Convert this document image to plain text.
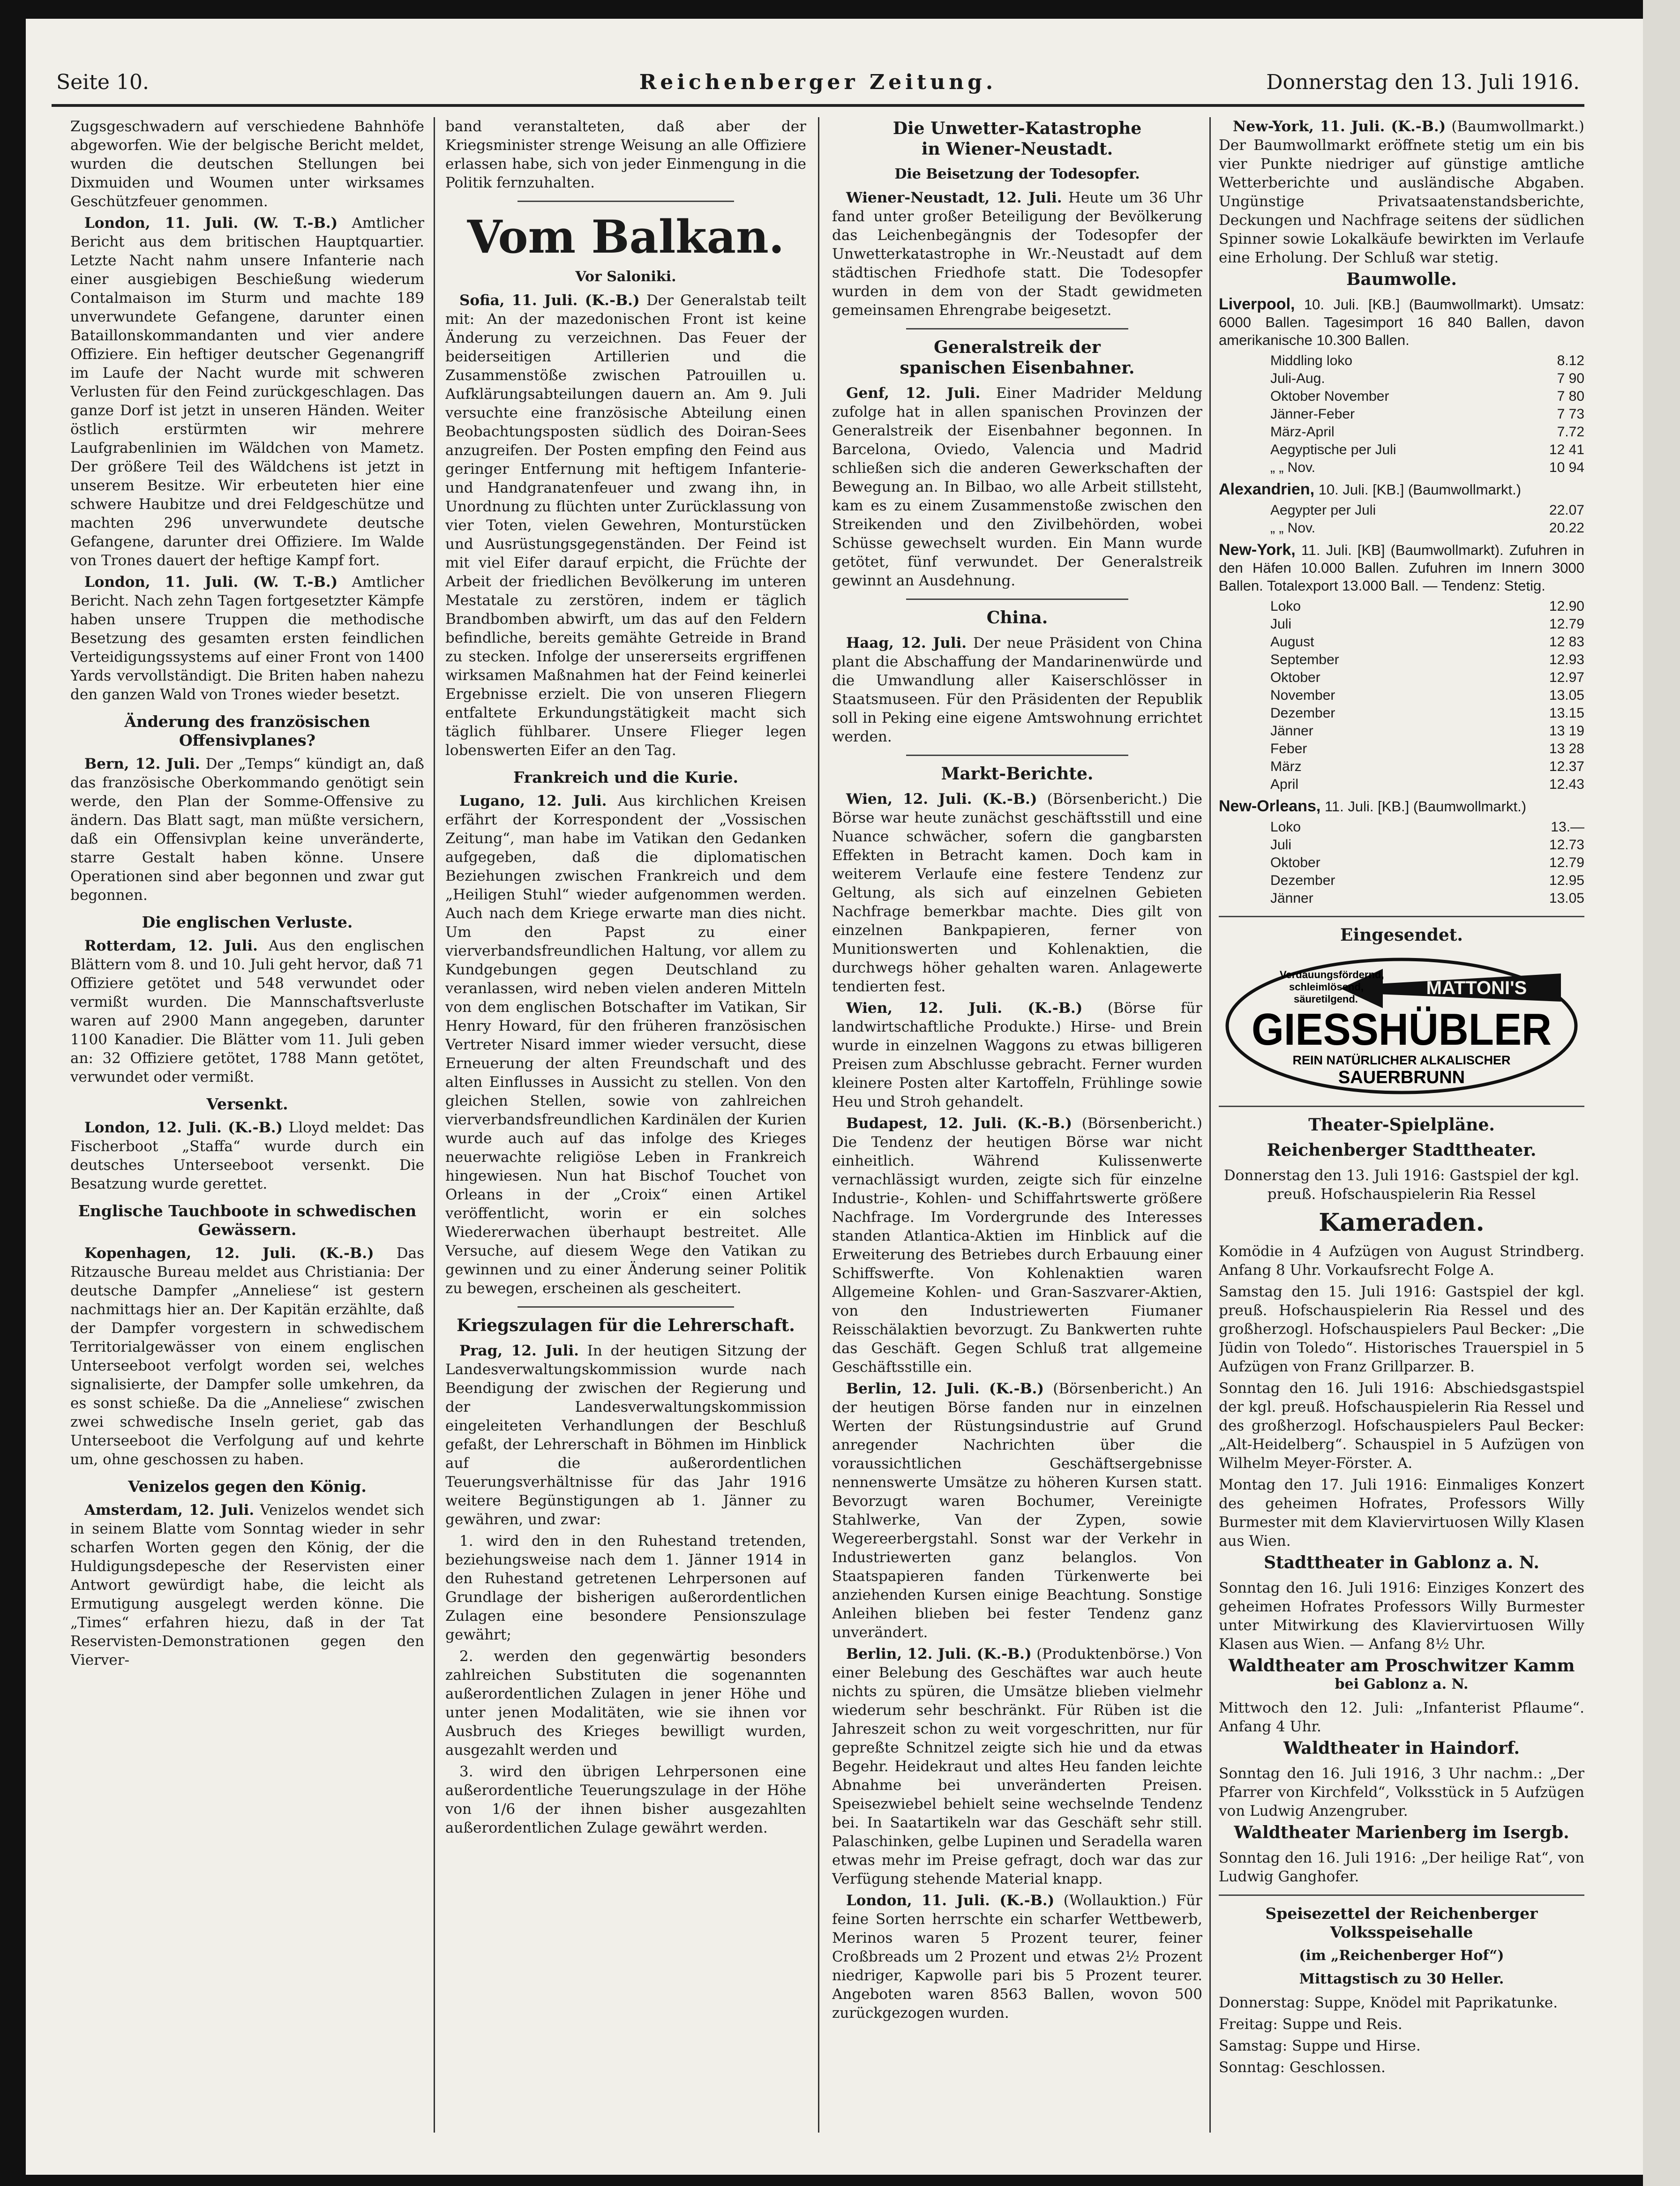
Seite 10.	Reichenberger Zeitung.	Donnerstag den 13. Juli 1916.

Zugsgeschwadern auf verschiedene Bahnhöfe abgeworfen. Wie der belgische Bericht meldet, wurden die deutschen Stellungen bei Dixmuiden und Woumen unter wirksames Geschützfeuer genommen.

London, 11. Juli. (W. T.-B.) Amtlicher Bericht aus dem britischen Hauptquartier. Letzte Nacht nahm unsere Infanterie nach einer ausgiebigen Beschießung wiederum Contalmaison im Sturm und machte 189 unverwundete Gefangene, darunter einen Bataillonskommandanten und vier andere Offiziere. Ein heftiger deutscher Gegenangriff im Laufe der Nacht wurde mit schweren Verlusten für den Feind zurückgeschlagen. Das ganze Dorf ist jetzt in unseren Händen. Weiter östlich erstürmten wir mehrere Laufgrabenlinien im Wäldchen von Mametz. Der größere Teil des Wäldchens ist jetzt in unserem Besitze. Wir erbeuteten hier eine schwere Haubitze und drei Feldgeschütze und machten 296 unverwundete deutsche Gefangene, darunter drei Offiziere. Im Walde von Trones dauert der heftige Kampf fort.

London, 11. Juli. (W. T.-B.) Amtlicher Bericht. Nach zehn Tagen fortgesetzter Kämpfe haben unsere Truppen die methodische Besetzung des gesamten ersten feindlichen Verteidigungssystems auf einer Front von 1400 Yards vervollständigt. Die Briten haben nahezu den ganzen Wald von Trones wieder besetzt.

Änderung des französischen Offensivplanes?

Bern, 12. Juli. Der „Temps“ kündigt an, daß das französische Oberkommando genötigt sein werde, den Plan der Somme-Offensive zu ändern. Das Blatt sagt, man müßte versichern, daß ein Offensivplan keine unveränderte, starre Gestalt haben könne. Unsere Operationen sind aber begonnen und zwar gut begonnen.

Die englischen Verluste.

Rotterdam, 12. Juli. Aus den englischen Blättern vom 8. und 10. Juli geht hervor, daß 71 Offiziere getötet und 548 verwundet oder vermißt wurden. Die Mannschaftsverluste waren auf 2900 Mann angegeben, darunter 1100 Kanadier. Die Blätter vom 11. Juli geben an: 32 Offiziere getötet, 1788 Mann getötet, verwundet oder vermißt.

Versenkt.

London, 12. Juli. (K.-B.) Lloyd meldet: Das Fischerboot „Staffa“ wurde durch ein deutsches Unterseeboot versenkt. Die Besatzung wurde gerettet.

Englische Tauchboote in schwedischen Gewässern.

Kopenhagen, 12. Juli. (K.-B.) Das Ritzausche Bureau meldet aus Christiania: Der deutsche Dampfer „Anneliese“ ist gestern nachmittags hier an. Der Kapitän erzählte, daß der Dampfer vorgestern in schwedischem Territorialgewässer von einem englischen Unterseeboot verfolgt worden sei, welches signalisierte, der Dampfer solle umkehren, da es sonst schieße. Da die „Anneliese“ zwischen zwei schwedische Inseln geriet, gab das Unterseeboot die Verfolgung auf und kehrte um, ohne geschossen zu haben.

Venizelos gegen den König.

Amsterdam, 12. Juli. Venizelos wendet sich in seinem Blatte vom Sonntag wieder in sehr scharfen Worten gegen den König, der die Huldigungsdepesche der Reservisten einer Antwort gewürdigt habe, die leicht als Ermutigung ausgelegt werden könne. Die „Times“ erfahren hiezu, daß in der Tat Reservisten-Demonstrationen gegen den Vierver-

band veranstalteten, daß aber der Kriegsminister strenge Weisung an alle Offiziere erlassen habe, sich von jeder Einmengung in die Politik fernzuhalten.

Vom Balkan.
Vor Saloniki.

Sofia, 11. Juli. (K.-B.) Der Generalstab teilt mit: An der mazedonischen Front ist keine Änderung zu verzeichnen. Das Feuer der beiderseitigen Artillerien und die Zusammenstöße zwischen Patrouillen u. Aufklärungsabteilungen dauern an. Am 9. Juli versuchte eine französische Abteilung einen Beobachtungsposten südlich des Doiran-Sees anzugreifen. Der Posten empfing den Feind aus geringer Entfernung mit heftigem Infanterie- und Handgranatenfeuer und zwang ihn, in Unordnung zu flüchten unter Zurücklassung von vier Toten, vielen Gewehren, Monturstücken und Ausrüstungsgegenständen. Der Feind ist mit viel Eifer darauf erpicht, die Früchte der Arbeit der friedlichen Bevölkerung im unteren Mestatale zu zerstören, indem er täglich Brandbomben abwirft, um das auf den Feldern befindliche, bereits gemähte Getreide in Brand zu stecken. Infolge der unsererseits ergriffenen wirksamen Maßnahmen hat der Feind keinerlei Ergebnisse erzielt. Die von unseren Fliegern entfaltete Erkundungstätigkeit macht sich täglich fühlbarer. Unsere Flieger legen lobenswerten Eifer an den Tag.

Frankreich und die Kurie.

Lugano, 12. Juli. Aus kirchlichen Kreisen erfährt der Korrespondent der „Vossischen Zeitung“, man habe im Vatikan den Gedanken aufgegeben, daß die diplomatischen Beziehungen zwischen Frankreich und dem „Heiligen Stuhl“ wieder aufgenommen werden. Auch nach dem Kriege erwarte man dies nicht. Um den Papst zu einer vierverbandsfreundlichen Haltung, vor allem zu Kundgebungen gegen Deutschland zu veranlassen, wird neben vielen anderen Mitteln von dem englischen Botschafter im Vatikan, Sir Henry Howard, für den früheren französischen Vertreter Nisard immer wieder versucht, diese Erneuerung der alten Freundschaft und des alten Einflusses in Aussicht zu stellen. Von den gleichen Stellen, sowie von zahlreichen vierverbandsfreundlichen Kardinälen der Kurien wurde auch auf das infolge des Krieges neuerwachte religiöse Leben in Frankreich hingewiesen. Nun hat Bischof Touchet von Orleans in der „Croix“ einen Artikel veröffentlicht, worin er ein solches Wiedererwachen überhaupt bestreitet. Alle Versuche, auf diesem Wege den Vatikan zu gewinnen und zu einer Änderung seiner Politik zu bewegen, erscheinen als gescheitert.

Kriegszulagen für die Lehrerschaft.

Prag, 12. Juli. In der heutigen Sitzung der Landesverwaltungskommission wurde nach Beendigung der zwischen der Regierung und der Landesverwaltungskommission eingeleiteten Verhandlungen der Beschluß gefaßt, der Lehrerschaft in Böhmen im Hinblick auf die außerordentlichen Teuerungsverhältnisse für das Jahr 1916 weitere Begünstigungen ab 1. Jänner zu gewähren, und zwar:

1. wird den in den Ruhestand tretenden, beziehungsweise nach dem 1. Jänner 1914 in den Ruhestand getretenen Lehrpersonen auf Grundlage der bisherigen außerordentlichen Zulagen eine besondere Pensionszulage gewährt;

2. werden den gegenwärtig besonders zahlreichen Substituten die sogenannten außerordentlichen Zulagen in jener Höhe und unter jenen Modalitäten, wie sie ihnen vor Ausbruch des Krieges bewilligt wurden, ausgezahlt werden und

3. wird den übrigen Lehrpersonen eine außerordentliche Teuerungszulage in der Höhe von 1/6 der ihnen bisher ausgezahlten außerordentlichen Zulage gewährt werden.

Die Unwetter-Katastrophe
in Wiener-Neustadt.
Die Beisetzung der Todesopfer.

Wiener-Neustadt, 12. Juli. Heute um 36 Uhr fand unter großer Beteiligung der Bevölkerung das Leichenbegängnis der Todesopfer der Unwetterkatastrophe in Wr.-Neustadt auf dem städtischen Friedhofe statt. Die Todesopfer wurden in dem von der Stadt gewidmeten gemeinsamen Ehrengrabe beigesetzt.

Generalstreik der
spanischen Eisenbahner.

Genf, 12. Juli. Einer Madrider Meldung zufolge hat in allen spanischen Provinzen der Generalstreik der Eisenbahner begonnen. In Barcelona, Oviedo, Valencia und Madrid schließen sich die anderen Gewerkschaften der Bewegung an. In Bilbao, wo alle Arbeit stillsteht, kam es zu einem Zusammenstoße zwischen den Streikenden und den Zivilbehörden, wobei Schüsse gewechselt wurden. Ein Mann wurde getötet, fünf verwundet. Der Generalstreik gewinnt an Ausdehnung.

China.

Haag, 12. Juli. Der neue Präsident von China plant die Abschaffung der Mandarinenwürde und die Umwandlung aller Kaiserschlösser in Staatsmuseen. Für den Präsidenten der Republik soll in Peking eine eigene Amtswohnung errichtet werden.

Markt-Berichte.

Wien, 12. Juli. (K.-B.) (Börsenbericht.) Die Börse war heute zunächst geschäftsstill und eine Nuance schwächer, sofern die gangbarsten Effekten in Betracht kamen. Doch kam in weiterem Verlaufe eine festere Tendenz zur Geltung, als sich auf einzelnen Gebieten Nachfrage bemerkbar machte. Dies gilt von einzelnen Bankpapieren, ferner von Munitionswerten und Kohlenaktien, die durchwegs höher gehalten waren. Anlagewerte tendierten fest.

Wien, 12. Juli. (K.-B.) (Börse für landwirtschaftliche Produkte.) Hirse- und Brein wurde in einzelnen Waggons zu etwas billigeren Preisen zum Abschlusse gebracht. Ferner wurden kleinere Posten alter Kartoffeln, Frühlinge sowie Heu und Stroh gehandelt.

Budapest, 12. Juli. (K.-B.) (Börsenbericht.) Die Tendenz der heutigen Börse war nicht einheitlich. Während Kulissenwerte vernachlässigt wurden, zeigte sich für einzelne Industrie-, Kohlen- und Schiffahrtswerte größere Nachfrage. Im Vordergrunde des Interesses standen Atlantica-Aktien im Hinblick auf die Erweiterung des Betriebes durch Erbauung einer Schiffswerfte. Von Kohlenaktien waren Allgemeine Kohlen- und Gran-Saszvarer-Aktien, von den Industriewerten Fiumaner Reisschälaktien bevorzugt. Zu Bankwerten ruhte das Geschäft. Gegen Schluß trat allgemeine Geschäftsstille ein.

Berlin, 12. Juli. (K.-B.) (Börsenbericht.) An der heutigen Börse fanden nur in einzelnen Werten der Rüstungsindustrie auf Grund anregender Nachrichten über die voraussichtlichen Geschäftsergebnisse nennenswerte Umsätze zu höheren Kursen statt. Bevorzugt waren Bochumer, Vereinigte Stahlwerke, Van der Zypen, sowie Wegereerbergstahl. Sonst war der Verkehr in Industriewerten ganz belanglos. Von Staatspapieren fanden Türkenwerte bei anziehenden Kursen einige Beachtung. Sonstige Anleihen blieben bei fester Tendenz ganz unverändert.

Berlin, 12. Juli. (K.-B.) (Produktenbörse.) Von einer Belebung des Geschäftes war auch heute nichts zu spüren, die Umsätze blieben vielmehr wiederum sehr beschränkt. Für Rüben ist die Jahreszeit schon zu weit vorgeschritten, nur für gepreßte Schnitzel zeigte sich hie und da etwas Begehr. Heidekraut und altes Heu fanden leichte Abnahme bei unveränderten Preisen. Speisezwiebel behielt seine wechselnde Tendenz bei. In Saatartikeln war das Geschäft sehr still. Palaschinken, gelbe Lupinen und Seradella waren etwas mehr im Preise gefragt, doch war das zur Verfügung stehende Material knapp.

London, 11. Juli. (K.-B.) (Wollauktion.) Für feine Sorten herrschte ein scharfer Wettbewerb, Merinos waren 5 Prozent teurer, feiner Croßbreads um 2 Prozent und etwas 2½ Prozent niedriger, Kapwolle pari bis 5 Prozent teurer. Angeboten waren 8563 Ballen, wovon 500 zurückgezogen wurden.

New-York, 11. Juli. (K.-B.) (Baumwollmarkt.) Der Baumwollmarkt eröffnete stetig um ein bis vier Punkte niedriger auf günstige amtliche Wetterberichte und ausländische Abgaben. Ungünstige Privatsaatenstandsberichte, Deckungen und Nachfrage seitens der südlichen Spinner sowie Lokalkäufe bewirkten im Verlaufe eine Erholung. Der Schluß war stetig.

Baumwolle.
Liverpool, 10. Juli. [KB.] (Baumwollmarkt). Umsatz: 6000 Ballen. Tagesimport 16 840 Ballen, davon amerikanische 10.300 Ballen.
Middling loko	8.12
Juli-Aug.	7 90
Oktober November	7 80
Jänner-Feber	7 73
März-April	7.72
Aegyptische per Juli	12 41
„ „ Nov.	10 94
Alexandrien, 10. Juli. [KB.] (Baumwollmarkt.)
Aegypter per Juli	22.07
„ „ Nov.	20.22
New-York, 11. Juli. [KB] (Baumwollmarkt). Zufuhren in den Häfen 10.000 Ballen. Zufuhren im Innern 3000 Ballen. Totalexport 13.000 Ball. — Tendenz: Stetig.
Loko	12.90
Juli	12.79
August	12 83
September	12.93
Oktober	12.97
November	13.05
Dezember	13.15
Jänner	13 19
Feber	13 28
März	12.37
April	12.43
New-Orleans, 11. Juli. [KB.] (Baumwollmarkt.)
Loko	13.—
Juli	12.73
Oktober	12.79
Dezember	12.95
Jänner	13.05
Eingesendet.
Verdauungsfördernd,
schleimlösend,
säuretilgend.
MATTONI'S
GIESSHÜBLER
REIN NATÜRLICHER ALKALISCHER
SAUERBRUNN
Theater-Spielpläne.
Reichenberger Stadttheater.

Donnerstag den 13. Juli 1916: Gastspiel der kgl. preuß. Hofschauspielerin Ria Ressel

Kameraden.

Komödie in 4 Aufzügen von August Strindberg. Anfang 8 Uhr. Vorkaufsrecht Folge A.

Samstag den 15. Juli 1916: Gastspiel der kgl. preuß. Hofschauspielerin Ria Ressel und des großherzogl. Hofschauspielers Paul Becker: „Die Jüdin von Toledo“. Historisches Trauerspiel in 5 Aufzügen von Franz Grillparzer. B.

Sonntag den 16. Juli 1916: Abschiedsgastspiel der kgl. preuß. Hofschauspielerin Ria Ressel und des großherzogl. Hofschauspielers Paul Becker: „Alt-Heidelberg“. Schauspiel in 5 Aufzügen von Wilhelm Meyer-Förster. A.

Montag den 17. Juli 1916: Einmaliges Konzert des geheimen Hofrates, Professors Willy Burmester mit dem Klaviervirtuosen Willy Klasen aus Wien.

Stadttheater in Gablonz a. N.

Sonntag den 16. Juli 1916: Einziges Konzert des geheimen Hofrates Professors Willy Burmester unter Mitwirkung des Klaviervirtuosen Willy Klasen aus Wien. — Anfang 8½ Uhr.

Waldtheater am Proschwitzer Kamm
bei Gablonz a. N.

Mittwoch den 12. Juli: „Infanterist Pflaume“. Anfang 4 Uhr.

Waldtheater in Haindorf.

Sonntag den 16. Juli 1916, 3 Uhr nachm.: „Der Pfarrer von Kirchfeld“, Volksstück in 5 Aufzügen von Ludwig Anzengruber.

Waldtheater Marienberg im Isergb.

Sonntag den 16. Juli 1916: „Der heilige Rat“, von Ludwig Ganghofer.

Speisezettel der Reichenberger Volksspeisehalle
(im „Reichenberger Hof“)
Mittagstisch zu 30 Heller.

Donnerstag: Suppe, Knödel mit Paprikatunke.

Freitag: Suppe und Reis.

Samstag: Suppe und Hirse.

Sonntag: Geschlossen.
